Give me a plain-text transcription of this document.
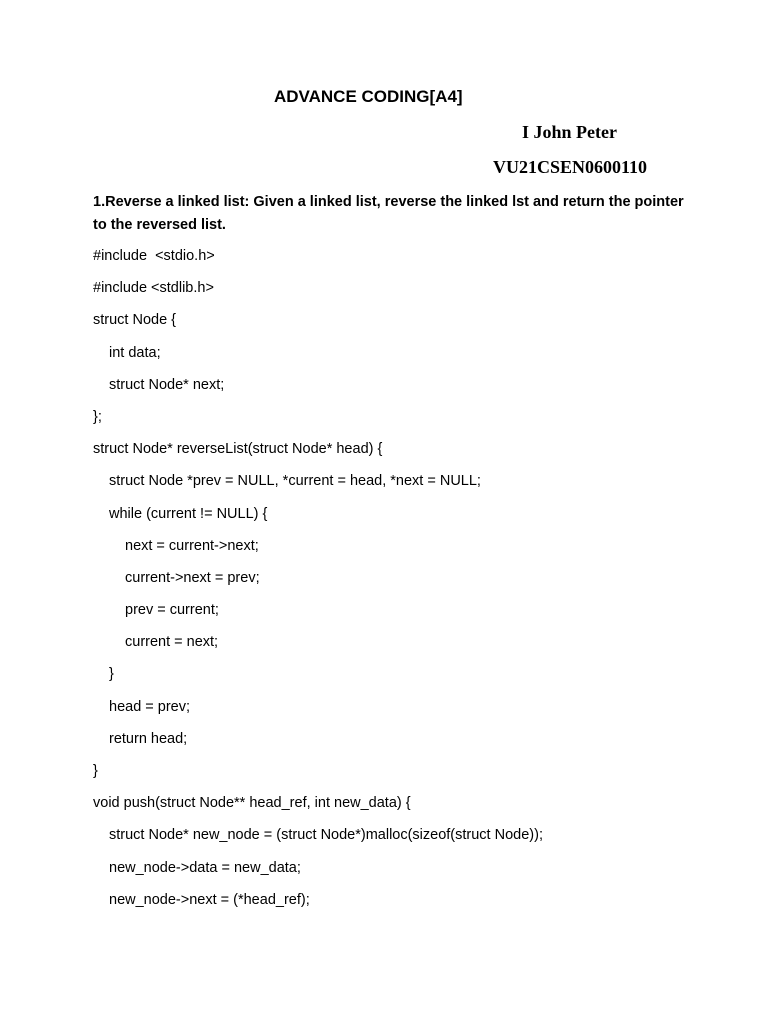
ADVANCE CODING[A4]
I John Peter
VU21CSEN0600110
1.Reverse a linked list: Given a linked list, reverse the linked lst and return the pointer to the reversed list.
#include  <stdio.h>
#include <stdlib.h>
struct Node {
int data;
struct Node* next;
};
struct Node* reverseList(struct Node* head) {
struct Node *prev = NULL, *current = head, *next = NULL;
while (current != NULL) {
next = current->next;
current->next = prev;
prev = current;
current = next;
}
head = prev;
return head;
}
void push(struct Node** head_ref, int new_data) {
struct Node* new_node = (struct Node*)malloc(sizeof(struct Node));
new_node->data = new_data;
new_node->next = (*head_ref);
